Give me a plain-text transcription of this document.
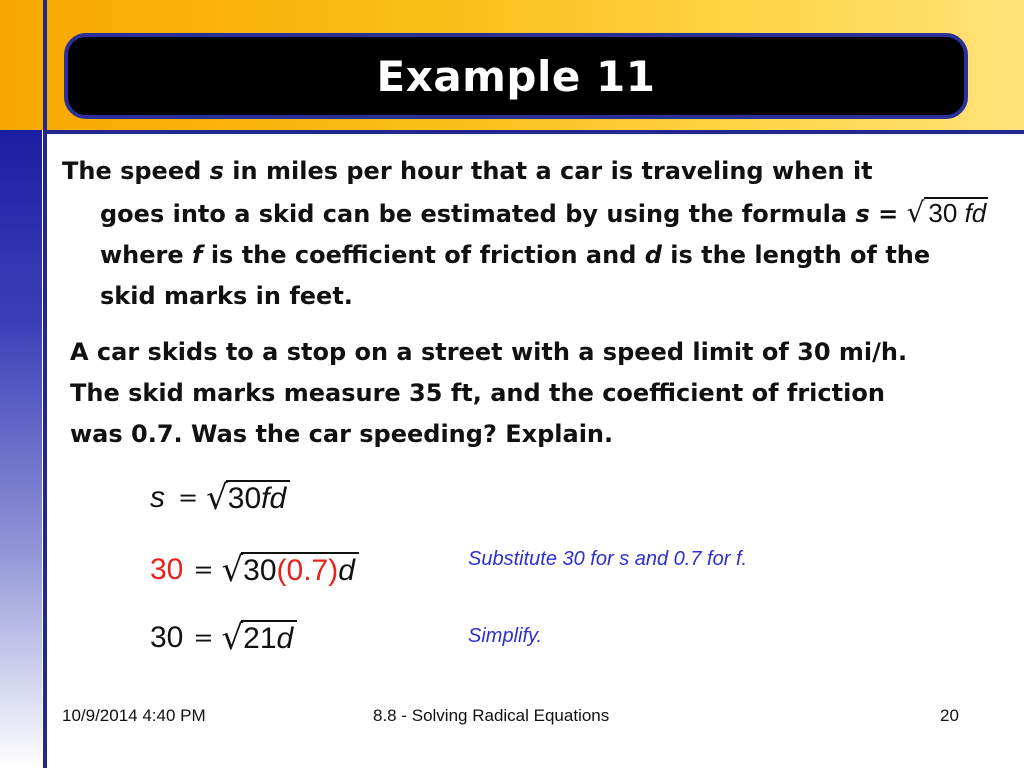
Example 11
The speed s in miles per hour that a car is traveling when it
goes into a skid can be estimated by using the formula s = √ 30 fd
where f is the coefficient of friction and d is the length of the
skid marks in feet.
A car skids to a stop on a street with a speed limit of 30 mi/h.
The skid marks measure 35 ft, and the coefficient of friction
was 0.7. Was the car speeding? Explain.
s = √ 30fd
30 = √ 30(0.7)d
30 = √ 21d
Substitute 30 for s and 0.7 for f.
Simplify.
10/9/2014 4:40 PM	8.8 - Solving Radical Equations	20
